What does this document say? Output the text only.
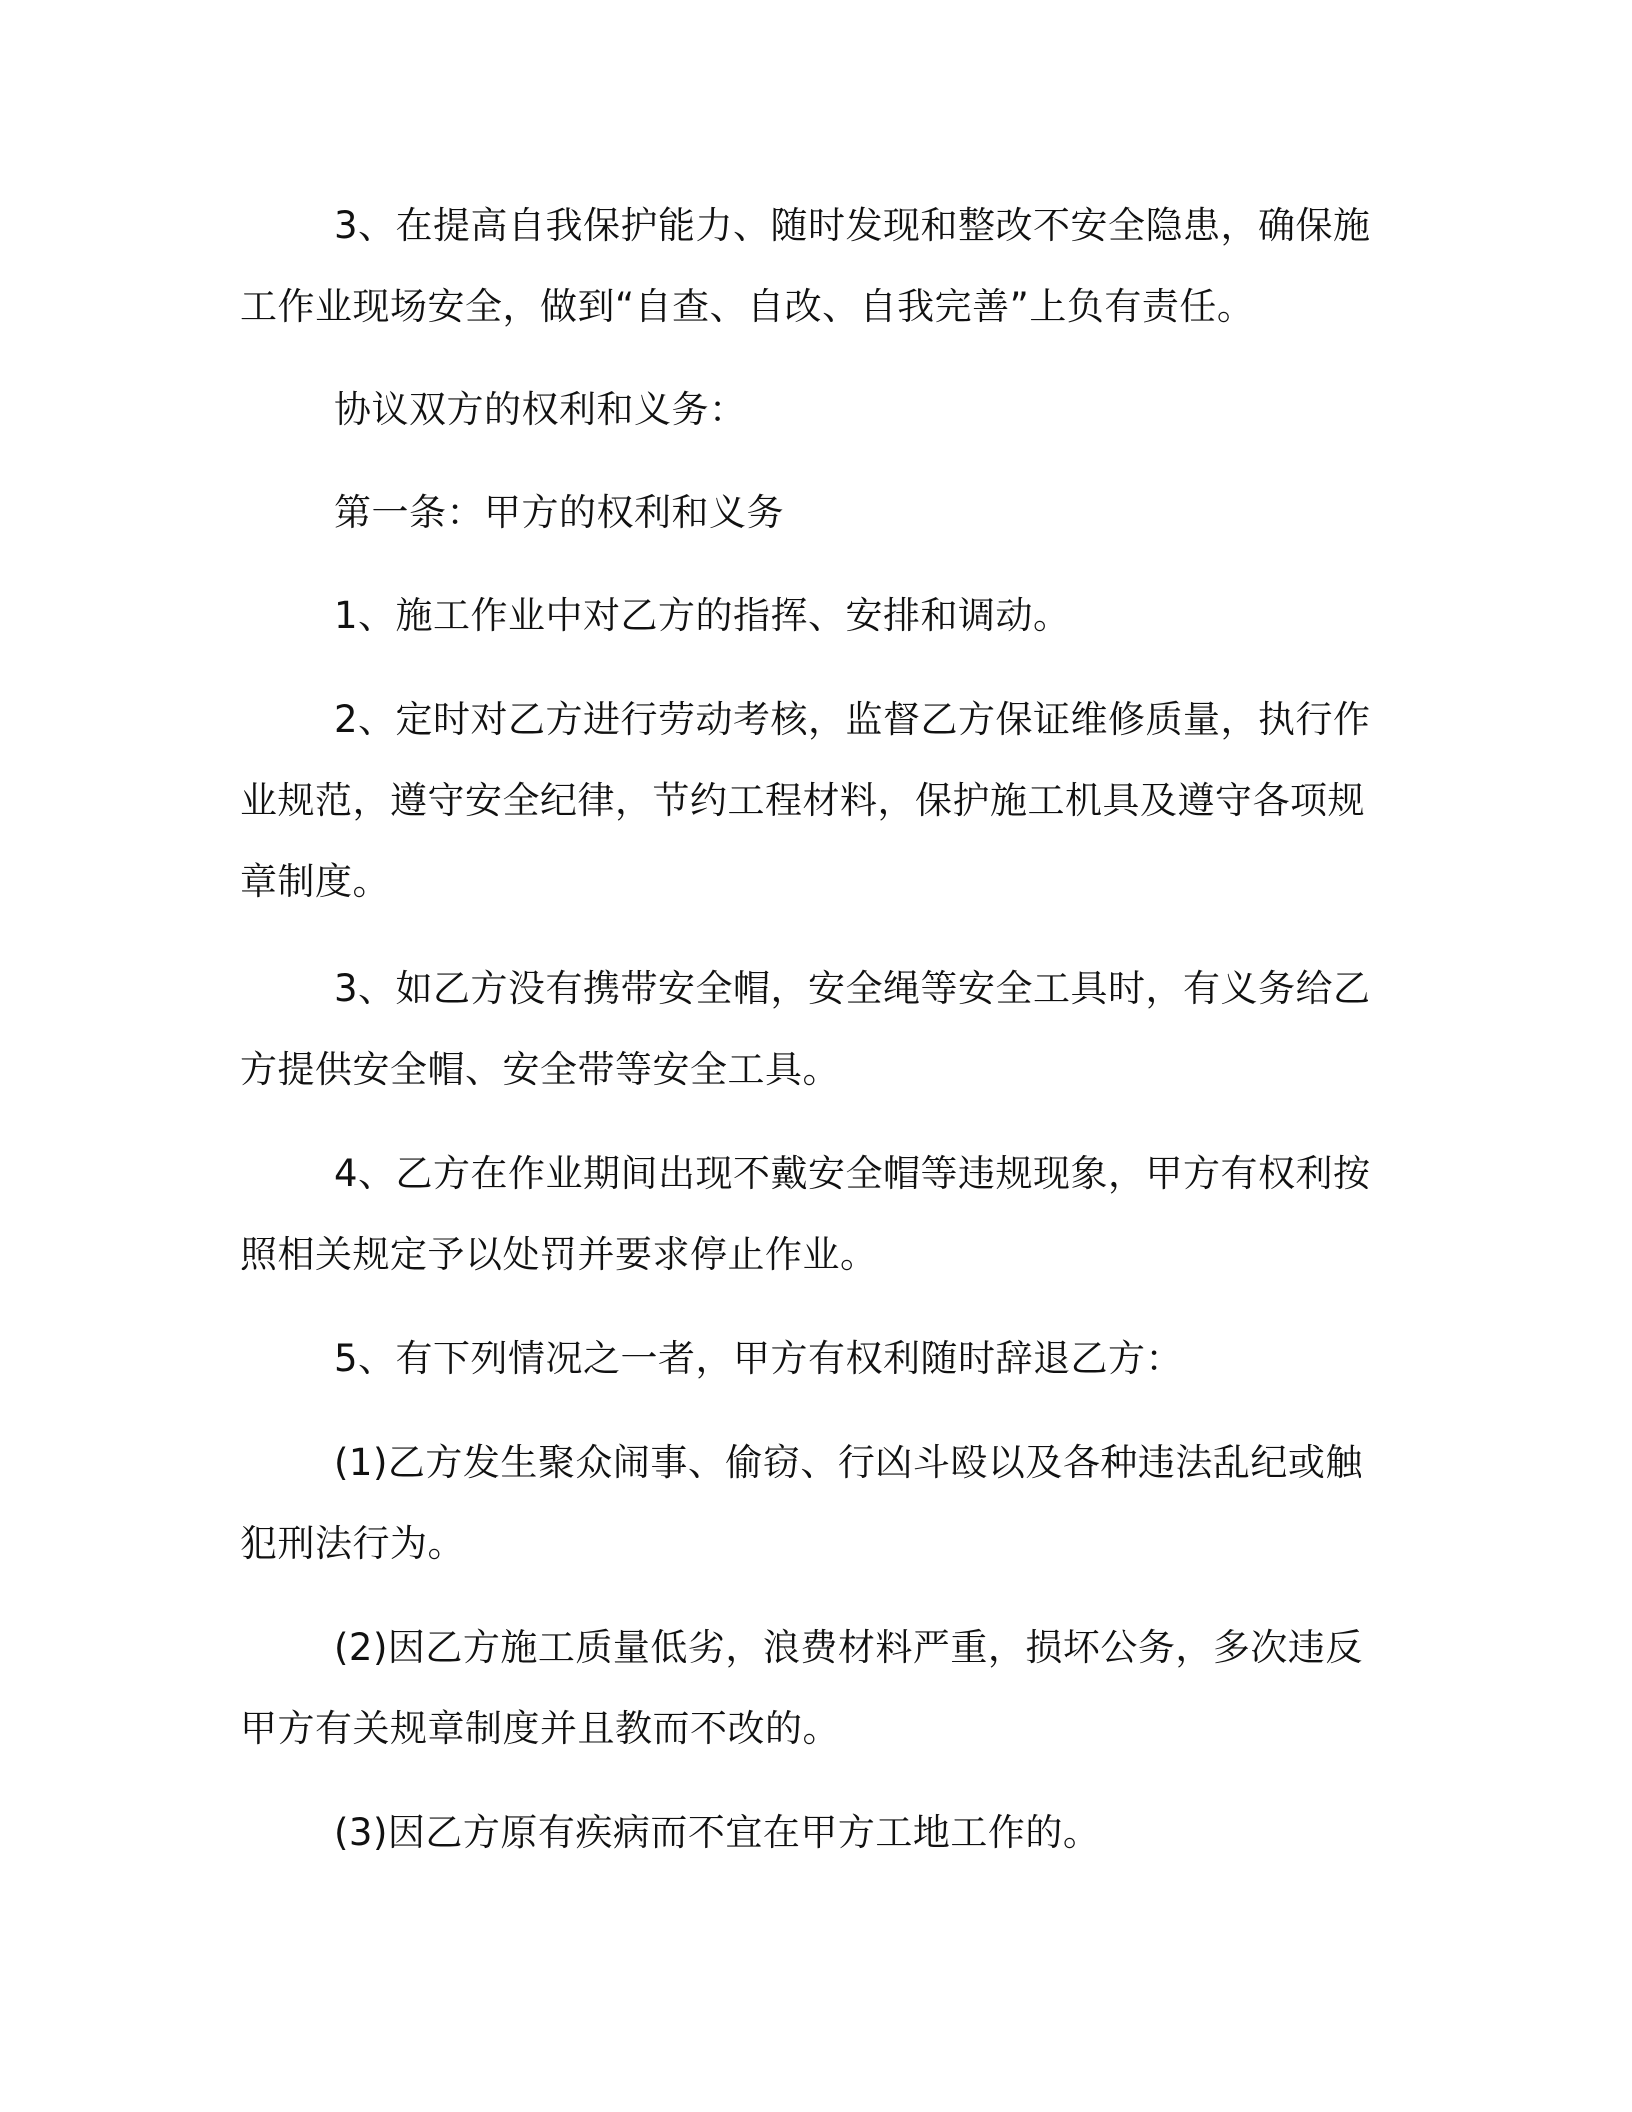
3、在提高自我保护能力、随时发现和整改不安全隐患，确保施工作业现场安全，做到“自查、自改、自我完善”上负有责任。

协议双方的权利和义务：

第一条：甲方的权利和义务

1、施工作业中对乙方的指挥、安排和调动。

2、定时对乙方进行劳动考核，监督乙方保证维修质量，执行作业规范，遵守安全纪律，节约工程材料，保护施工机具及遵守各项规章制度。

3、如乙方没有携带安全帽，安全绳等安全工具时，有义务给乙方提供安全帽、安全带等安全工具。

4、乙方在作业期间出现不戴安全帽等违规现象，甲方有权利按照相关规定予以处罚并要求停止作业。

5、有下列情况之一者，甲方有权利随时辞退乙方：

(1)乙方发生聚众闹事、偷窃、行凶斗殴以及各种违法乱纪或触犯刑法行为。

(2)因乙方施工质量低劣，浪费材料严重，损坏公务，多次违反甲方有关规章制度并且教而不改的。

(3)因乙方原有疾病而不宜在甲方工地工作的。
